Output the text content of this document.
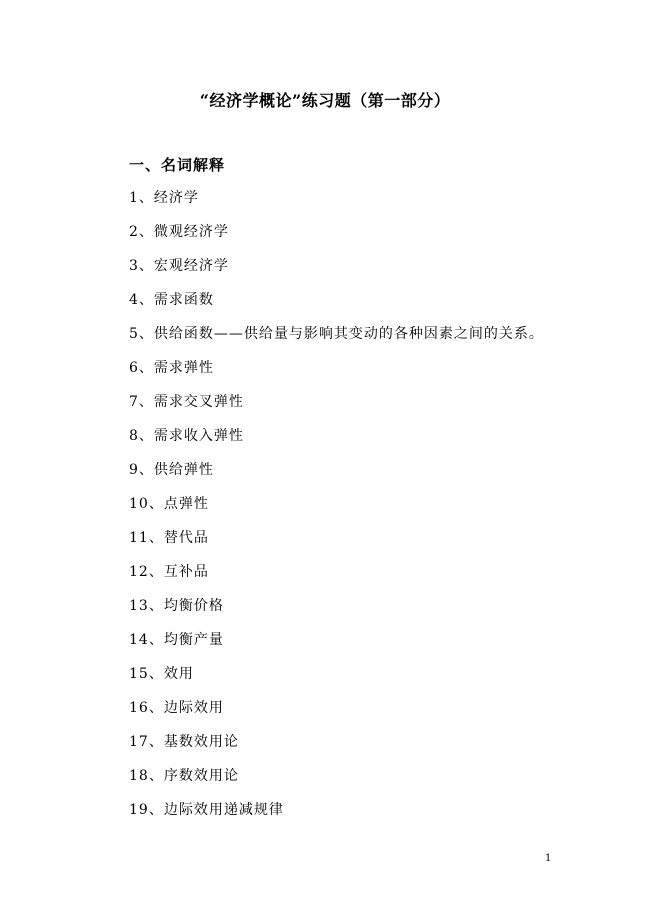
“经济学概论”练习题（第一部分）
一、名词解释
1、经济学
2、微观经济学
3、宏观经济学
4、需求函数
5、供给函数——供给量与影响其变动的各种因素之间的关系。
6、需求弹性
7、需求交叉弹性
8、需求收入弹性
9、供给弹性
10、点弹性
11、替代品
12、互补品
13、均衡价格
14、均衡产量
15、效用
16、边际效用
17、基数效用论
18、序数效用论
19、边际效用递减规律
1
